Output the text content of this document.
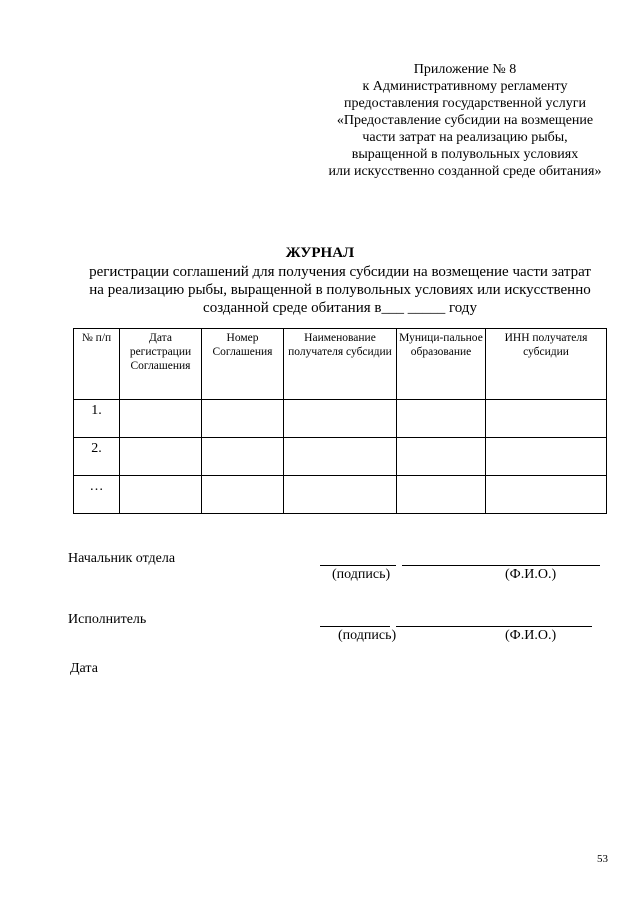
Приложение № 8
к Административному регламенту
предоставления государственной услуги
«Предоставление субсидии на возмещение
части затрат на реализацию рыбы,
выращенной в полувольных условиях
или искусственно созданной среде обитания»
ЖУРНАЛ
регистрации соглашений для получения субсидии на возмещение части затрат
на реализацию рыбы, выращенной в полувольных условиях или искусственно
созданной среде обитания в___ _____ году
№ п/п	Дата регистрации Соглашения	Номер Соглашения	Наименование получателя субсидии	Муници-пальное образование	ИНН получателя субсидии
1.					
2.					
…					
Начальник отдела
(подпись)	(Ф.И.О.)
Исполнитель
(подпись)	(Ф.И.О.)
Дата
53
